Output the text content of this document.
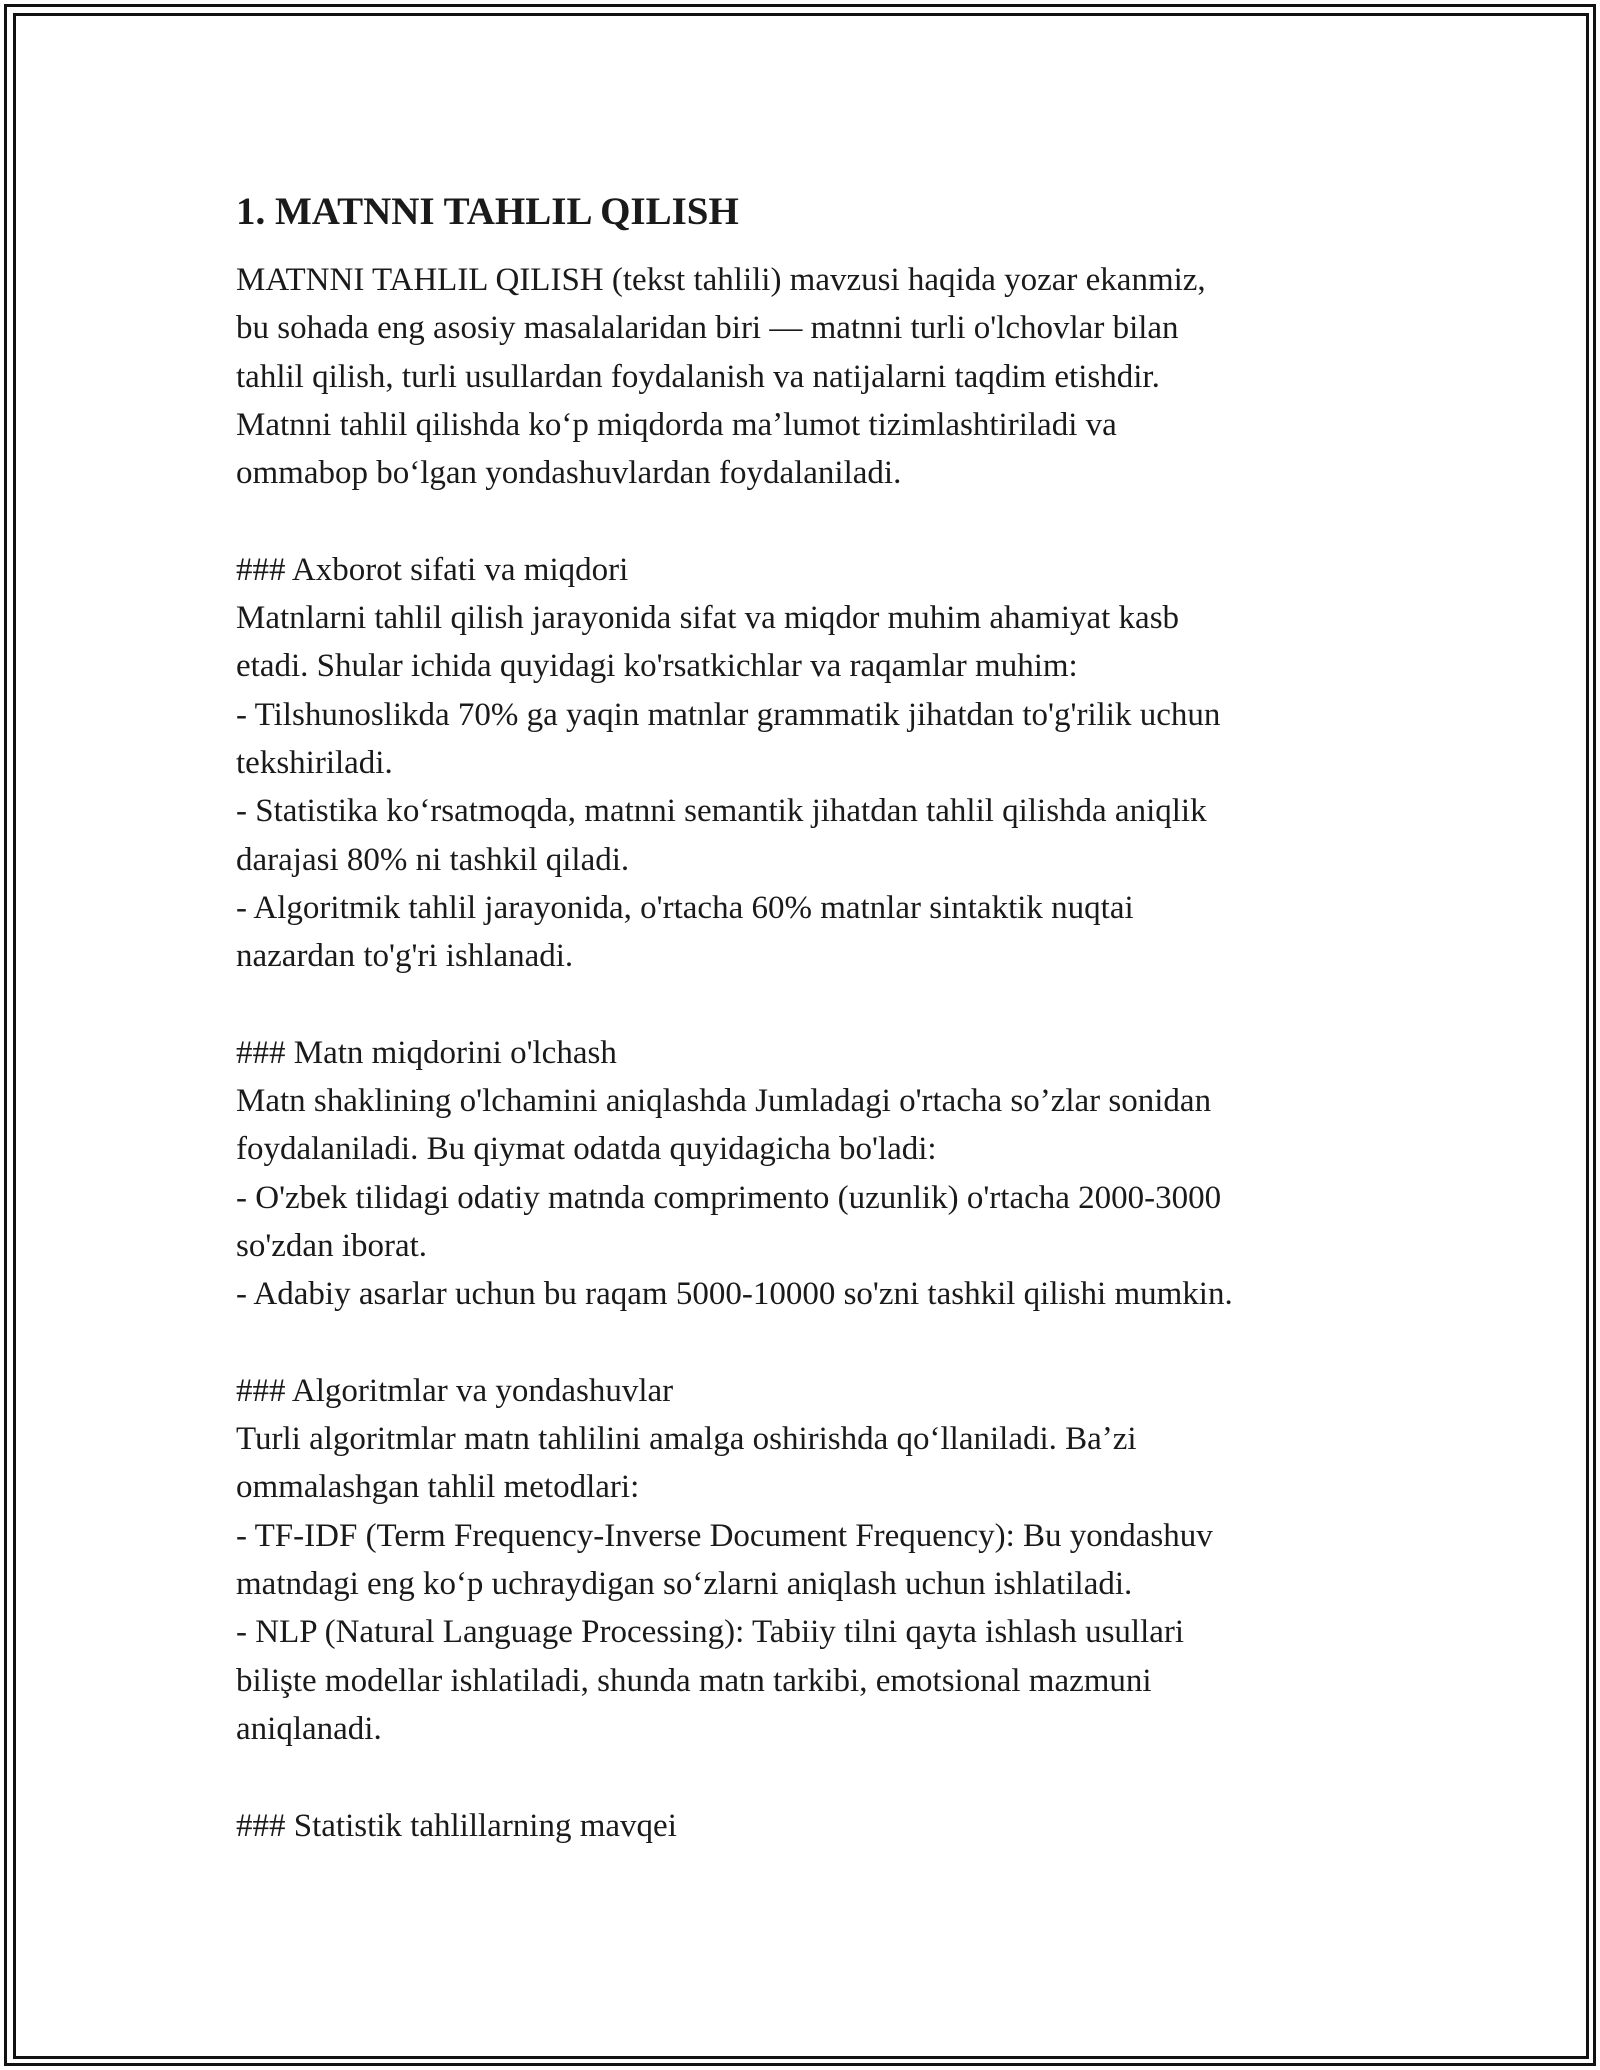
1. MATNNI TAHLIL QILISH
MATNNI TAHLIL QILISH (tekst tahlili) mavzusi haqida yozar ekanmiz,
bu sohada eng asosiy masalalaridan biri — matnni turli o'lchovlar bilan
tahlil qilish, turli usullardan foydalanish va natijalarni taqdim etishdir.
Matnni tahlil qilishda koʻp miqdorda maʼlumot tizimlashtiriladi va
ommabop boʻlgan yondashuvlardan foydalaniladi.
### Axborot sifati va miqdori
Matnlarni tahlil qilish jarayonida sifat va miqdor muhim ahamiyat kasb
etadi. Shular ichida quyidagi ko'rsatkichlar va raqamlar muhim:
- Tilshunoslikda 70% ga yaqin matnlar grammatik jihatdan to'g'rilik uchun
tekshiriladi.
- Statistika koʻrsatmoqda, matnni semantik jihatdan tahlil qilishda aniqlik
darajasi 80% ni tashkil qiladi.
- Algoritmik tahlil jarayonida, o'rtacha 60% matnlar sintaktik nuqtai
nazardan to'g'ri ishlanadi.
### Matn miqdorini o'lchash
Matn shaklining o'lchamini aniqlashda Jumladagi o'rtacha so’zlar sonidan
foydalaniladi. Bu qiymat odatda quyidagicha bo'ladi:
- O'zbek tilidagi odatiy matnda comprimento (uzunlik) o'rtacha 2000-3000
so'zdan iborat.
- Adabiy asarlar uchun bu raqam 5000-10000 so'zni tashkil qilishi mumkin.
### Algoritmlar va yondashuvlar
Turli algoritmlar matn tahlilini amalga oshirishda qoʻllaniladi. Baʼzi
ommalashgan tahlil metodlari:
- TF-IDF (Term Frequency-Inverse Document Frequency): Bu yondashuv
matndagi eng koʻp uchraydigan soʻzlarni aniqlash uchun ishlatiladi.
- NLP (Natural Language Processing): Tabiiy tilni qayta ishlash usullari
bilişte modellar ishlatiladi, shunda matn tarkibi, emotsional mazmuni
aniqlanadi.
### Statistik tahlillarning mavqei
